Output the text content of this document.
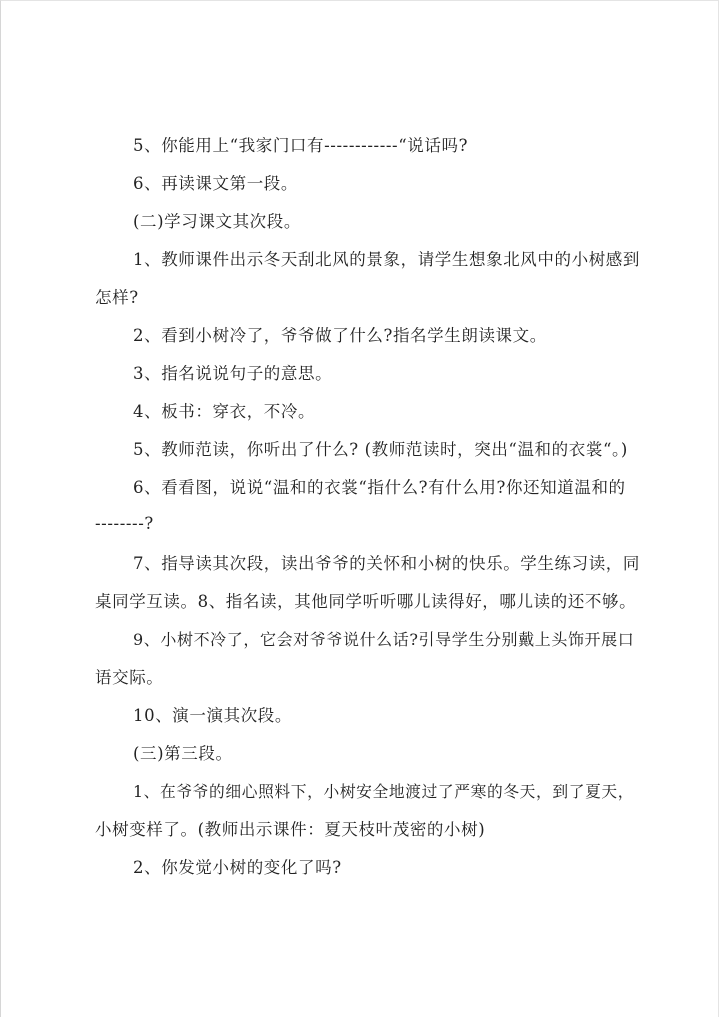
5、你能用上“我家门口有------------“说话吗?

6、再读课文第一段。

(二)学习课文其次段。

1、教师课件出示冬天刮北风的景象，请学生想象北风中的小树感到

怎样?

2、看到小树冷了，爷爷做了什么?指名学生朗读课文。

3、指名说说句子的意思。

4、板书：穿衣，不冷。

5、教师范读，你听出了什么? (教师范读时，突出“温和的衣裳“。)

6、看看图，说说“温和的衣裳“指什么?有什么用?你还知道温和的

--------?

7、指导读其次段，读出爷爷的关怀和小树的快乐。学生练习读，同

桌同学互读。8、指名读，其他同学听听哪儿读得好，哪儿读的还不够。

9、小树不冷了，它会对爷爷说什么话?引导学生分别戴上头饰开展口

语交际。

10、演一演其次段。

(三)第三段。

1、在爷爷的细心照料下，小树安全地渡过了严寒的冬天，到了夏天，

小树变样了。(教师出示课件：夏天枝叶茂密的小树)

2、你发觉小树的变化了吗?
